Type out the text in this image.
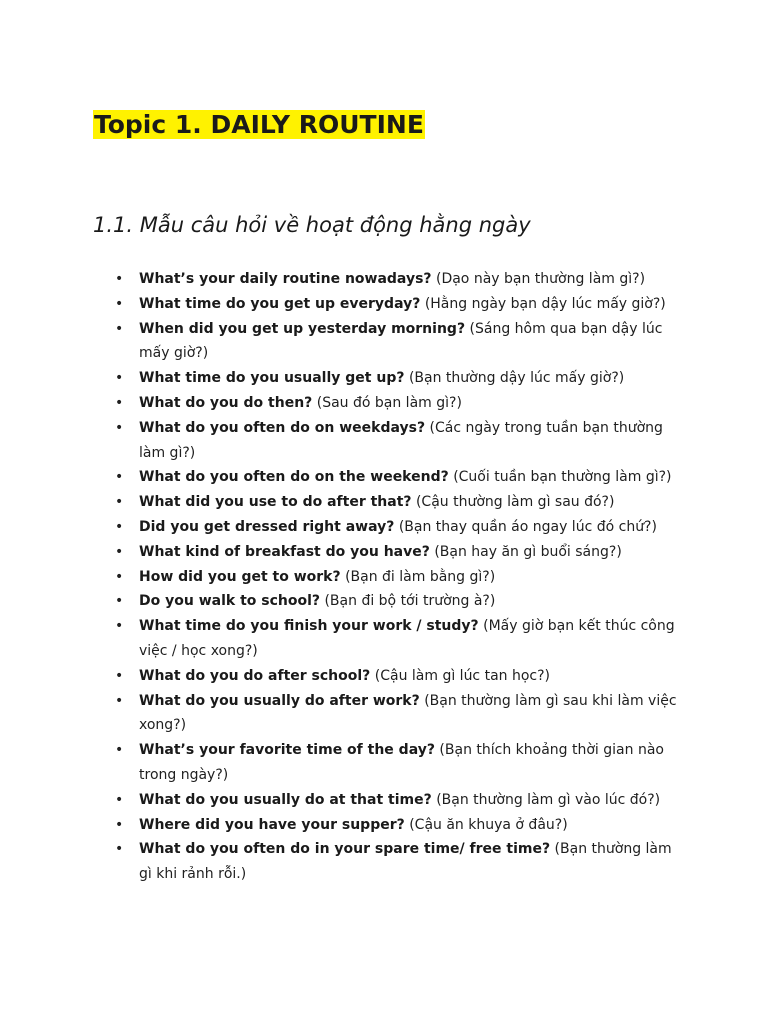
Topic 1. DAILY ROUTINE
1.1. Mẫu câu hỏi về hoạt động hằng ngày
• What’s your daily routine nowadays? (Dạo này bạn thường làm gì?)
• What time do you get up everyday? (Hằng ngày bạn dậy lúc mấy giờ?)
• When did you get up yesterday morning? (Sáng hôm qua bạn dậy lúc mấy giờ?)
• What time do you usually get up? (Bạn thường dậy lúc mấy giờ?)
• What do you do then? (Sau đó bạn làm gì?)
• What do you often do on weekdays? (Các ngày trong tuần bạn thường làm gì?)
• What do you often do on the weekend? (Cuối tuần bạn thường làm gì?)
• What did you use to do after that? (Cậu thường làm gì sau đó?)
• Did you get dressed right away? (Bạn thay quần áo ngay lúc đó chứ?)
• What kind of breakfast do you have? (Bạn hay ăn gì buổi sáng?)
• How did you get to work? (Bạn đi làm bằng gì?)
• Do you walk to school? (Bạn đi bộ tới trường à?)
• What time do you finish your work / study? (Mấy giờ bạn kết thúc công việc / học xong?)
• What do you do after school? (Cậu làm gì lúc tan học?)
• What do you usually do after work? (Bạn thường làm gì sau khi làm việc xong?)
• What’s your favorite time of the day? (Bạn thích khoảng thời gian nào trong ngày?)
• What do you usually do at that time? (Bạn thường làm gì vào lúc đó?)
• Where did you have your supper? (Cậu ăn khuya ở đâu?)
• What do you often do in your spare time/ free time? (Bạn thường làm gì khi rảnh rỗi.)
